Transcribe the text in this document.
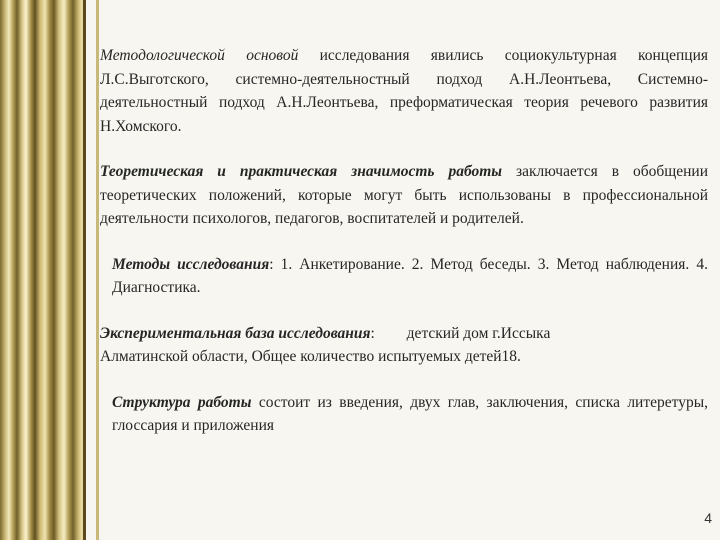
Методологической основой исследования явились социокультурная концепция Л.С.Выготского, системно-деятельностный подход А.Н.Леонтьева, Системно-деятельностный подход А.Н.Леонтьева, преформатическая теория речевого развития Н.Хомского.

Теоретическая и практическая значимость работы заключается в обобщении теоретических положений, которые могут быть использованы в профессиональной деятельности психологов, педагогов, воспитателей и родителей.

Методы исследования: 1. Анкетирование. 2. Метод беседы. 3. Метод наблюдения. 4. Диагностика.

Экспериментальная база исследования: детский дом г.Иссыка
Алматинской области, Общее количество испытуемых детей18.

Структура работы состоит из введения, двух глав, заключения, списка литеретуры, глоссария и приложения

4
